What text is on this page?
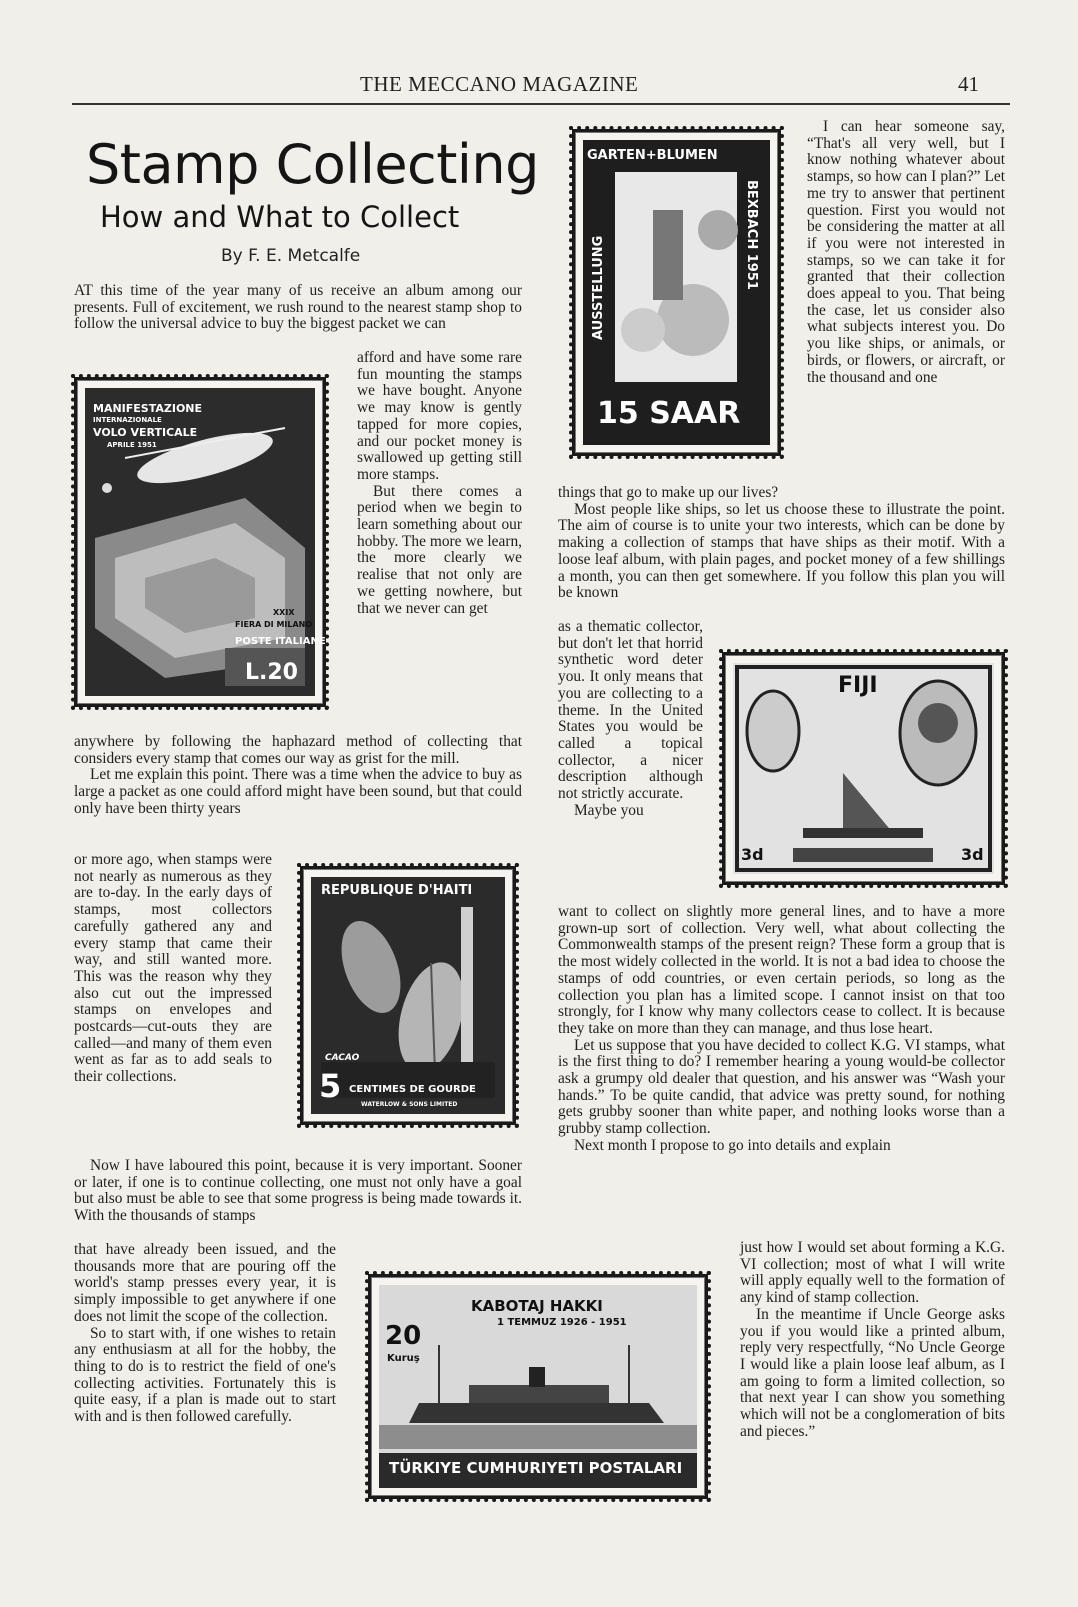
THE MECCANO MAGAZINE	41
Stamp Collecting
How and What to Collect
By F. E. Metcalfe

AT this time of the year many of us receive an album among our presents. Full of excitement, we rush round to the nearest stamp shop to follow the universal advice to buy the biggest packet we can

MANIFESTAZIONE
INTERNAZIONALE
VOLO VERTICALE
APRILE 1951
XXIX
FIERA DI MILANO
POSTE ITALIANE
L.20

afford and have some rare fun mounting the stamps we have bought. Anyone we may know is gently tapped for more copies, and our pocket money is swallowed up getting still more stamps.

But there comes a period when we begin to learn something about our hobby. The more we learn, the more clearly we realise that not only are we getting nowhere, but that we never can get

anywhere by following the haphazard method of collecting that considers every stamp that comes our way as grist for the mill.

Let me explain this point. There was a time when the advice to buy as large a packet as one could afford might have been sound, but that could only have been thirty years

REPUBLIQUE D'HAITI
CACAO
5 CENTIMES DE GOURDE
WATERLOW & SONS LIMITED

or more ago, when stamps were not nearly as numerous as they are to-day. In the early days of stamps, most collectors carefully gathered any and every stamp that came their way, and still wanted more. This was the reason why they also cut out the impressed stamps on envelopes and postcards—cut-outs they are called—and many of them even went as far as to add seals to their collections.

Now I have laboured this point, because it is very important. Sooner or later, if one is to continue collecting, one must not only have a goal but also must be able to see that some progress is being made towards it. With the thousands of stamps

that have already been issued, and the thousands more that are pouring off the world's stamp presses every year, it is simply impossible to get anywhere if one does not limit the scope of the collection.

So to start with, if one wishes to retain any enthusiasm at all for the hobby, the thing to do is to restrict the field of one's collecting activities. Fortunately this is quite easy, if a plan is made out to start with and is then followed carefully.

KABOTAJ HAKKI
1 TEMMUZ 1926 - 1951
20
Kuruş
TÜRKIYE CUMHURIYETI POSTALARI
GARTEN+BLUMEN
AUSSTELLUNG	BEXBACH 1951
15 SAAR

I can hear someone say, “That's all very well, but I know nothing whatever about stamps, so how can I plan?” Let me try to answer that pertinent question. First you would not be considering the matter at all if you were not interested in stamps, so we can take it for granted that their collection does appeal to you. That being the case, let us consider also what subjects interest you. Do you like ships, or animals, or birds, or flowers, or aircraft, or the thousand and one

things that go to make up our lives?

Most people like ships, so let us choose these to illustrate the point. The aim of course is to unite your two interests, which can be done by making a collection of stamps that have ships as their motif. With a loose leaf album, with plain pages, and pocket money of a few shillings a month, you can then get somewhere. If you follow this plan you will be known

FIJI
3d	3d

as a thematic collector, but don't let that horrid synthetic word deter you. It only means that you are collecting to a theme. In the United States you would be called a topical collector, a nicer description although not strictly accurate.

Maybe you

want to collect on slightly more general lines, and to have a more grown-up sort of collection. Very well, what about collecting the Commonwealth stamps of the present reign? These form a group that is the most widely collected in the world. It is not a bad idea to choose the stamps of odd countries, or even certain periods, so long as the collection you plan has a limited scope. I cannot insist on that too strongly, for I know why many collectors cease to collect. It is because they take on more than they can manage, and thus lose heart.

Let us suppose that you have decided to collect K.G. VI stamps, what is the first thing to do? I remember hearing a young would-be collector ask a grumpy old dealer that question, and his answer was “Wash your hands.” To be quite candid, that advice was pretty sound, for nothing gets grubby sooner than white paper, and nothing looks worse than a grubby stamp collection.

Next month I propose to go into details and explain

just how I would set about forming a K.G. VI collection; most of what I will write will apply equally well to the formation of any kind of stamp collection.

In the meantime if Uncle George asks you if you would like a printed album, reply very respectfully, “No Uncle George I would like a plain loose leaf album, as I am going to form a limited collection, so that next year I can show you something which will not be a conglomeration of bits and pieces.”
